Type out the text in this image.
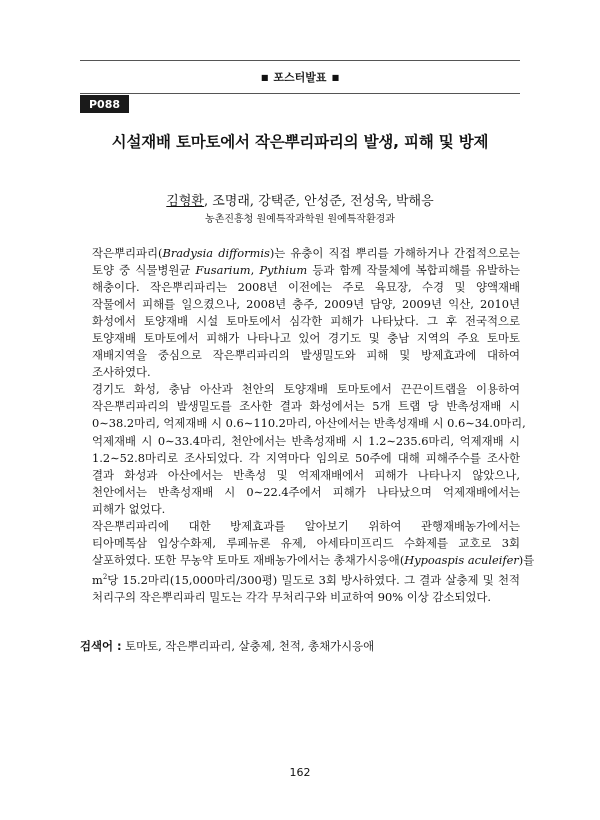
■ 포스터발표 ■
P088
시설재배 토마토에서 작은뿌리파리의 발생, 피해 및 방제
김형환, 조명래, 강택준, 안성준, 전성욱, 박해응
농촌진흥청 원예특작과학원 원예특작환경과

작은뿌리파리(Bradysia difformis)는 유충이 직접 뿌리를 가해하거나 간접적으로는
토양 중 식물병원균 Fusarium, Pythium 등과 함께 작물체에 복합피해를 유발하는
해충이다. 작은뿌리파리는 2008년 이전에는 주로 육묘장, 수경 및 양액재배
작물에서 피해를 일으켰으나, 2008년 충주, 2009년 담양, 2009년 익산, 2010년
화성에서 토양재배 시설 토마토에서 심각한 피해가 나타났다. 그 후 전국적으로
토양재배 토마토에서 피해가 나타나고 있어 경기도 및 충남 지역의 주요 토마토
재배지역을 중심으로 작은뿌리파리의 발생밀도와 피해 및 방제효과에 대하여
조사하였다.

경기도 화성, 충남 아산과 천안의 토양재배 토마토에서 끈끈이트랩을 이용하여
작은뿌리파리의 발생밀도를 조사한 결과 화성에서는 5개 트랩 당 반촉성재배 시
0∼38.2마리, 억제재배 시 0.6∼110.2마리, 아산에서는 반촉성재배 시 0.6∼34.0마리,
억제재배 시 0∼33.4마리, 천안에서는 반촉성재배 시 1.2∼235.6마리, 억제재배 시
1.2∼52.8마리로 조사되었다. 각 지역마다 임의로 50주에 대해 피해주수를 조사한
결과 화성과 아산에서는 반촉성 및 억제재배에서 피해가 나타나지 않았으나,
천안에서는 반촉성재배 시 0∼22.4주에서 피해가 나타났으며 억제재배에서는
피해가 없었다.

작은뿌리파리에 대한 방제효과를 알아보기 위하여 관행재배농가에서는
티아메톡삼 입상수화제, 루페뉴론 유제, 아세타미프리드 수화제를 교호로 3회
살포하였다. 또한 무농약 토마토 재배농가에서는 총채가시응애(Hypoaspis aculeifer)를
$m^2$당 15.2마리(15,000마리/300평) 밀도로 3회 방사하였다. 그 결과 살충제 및 천적
처리구의 작은뿌리파리 밀도는 각각 무처리구와 비교하여 90% 이상 감소되었다.

검색어 : 토마토, 작은뿌리파리, 살충제, 천적, 총채가시응애
162
